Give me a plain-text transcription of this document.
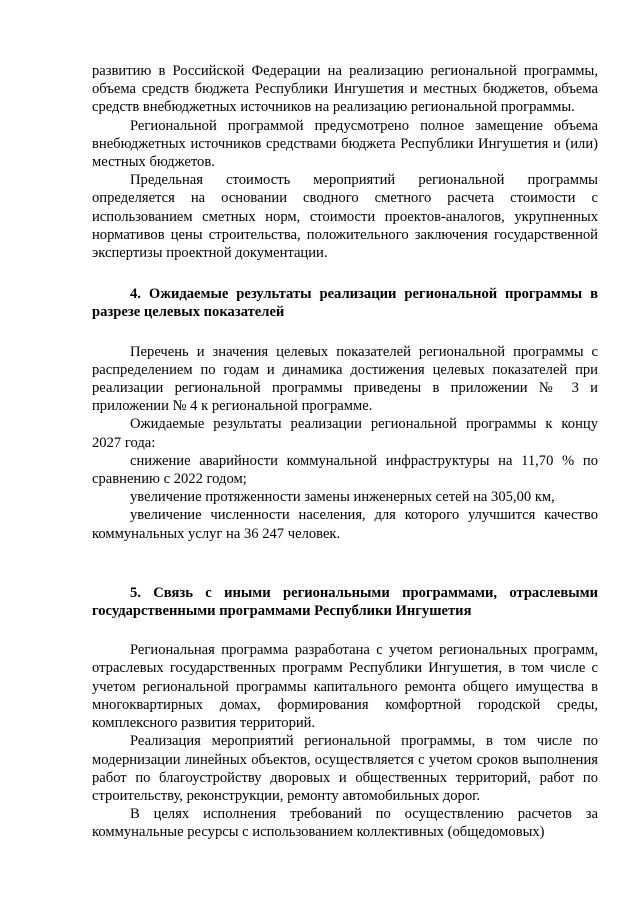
развитию в Российской Федерации на реализацию региональной программы, объема средств бюджета Республики Ингушетия и местных бюджетов, объема средств внебюджетных источников на реализацию региональной программы.

Региональной программой предусмотрено полное замещение объема внебюджетных источников средствами бюджета Республики Ингушетия и (или) местных бюджетов.

Предельная стоимость мероприятий региональной программы определяется на основании сводного сметного расчета стоимости с использованием сметных норм, стоимости проектов-аналогов, укрупненных нормативов цены строительства, положительного заключения государственной экспертизы проектной документации.

4. Ожидаемые результаты реализации региональной программы в разрезе целевых показателей

Перечень и значения целевых показателей региональной программы с распределением по годам и динамика достижения целевых показателей при реализации региональной программы приведены в приложении № 3 и приложении № 4 к региональной программе.

Ожидаемые результаты реализации региональной программы к концу 2027 года:

снижение аварийности коммунальной инфраструктуры на 11,70 % по сравнению с 2022 годом;

увеличение протяженности замены инженерных сетей на 305,00 км,

увеличение численности населения, для которого улучшится качество коммунальных услуг на 36 247 человек.

5. Связь с иными региональными программами, отраслевыми государственными программами Республики Ингушетия

Региональная программа разработана с учетом региональных программ, отраслевых государственных программ Республики Ингушетия, в том числе с учетом региональной программы капитального ремонта общего имущества в многоквартирных домах, формирования комфортной городской среды, комплексного развития территорий.

Реализация мероприятий региональной программы, в том числе по модернизации линейных объектов, осуществляется с учетом сроков выполнения работ по благоустройству дворовых и общественных территорий, работ по строительству, реконструкции, ремонту автомобильных дорог.

В целях исполнения требований по осуществлению расчетов за коммунальные ресурсы с использованием коллективных (общедомовых)
